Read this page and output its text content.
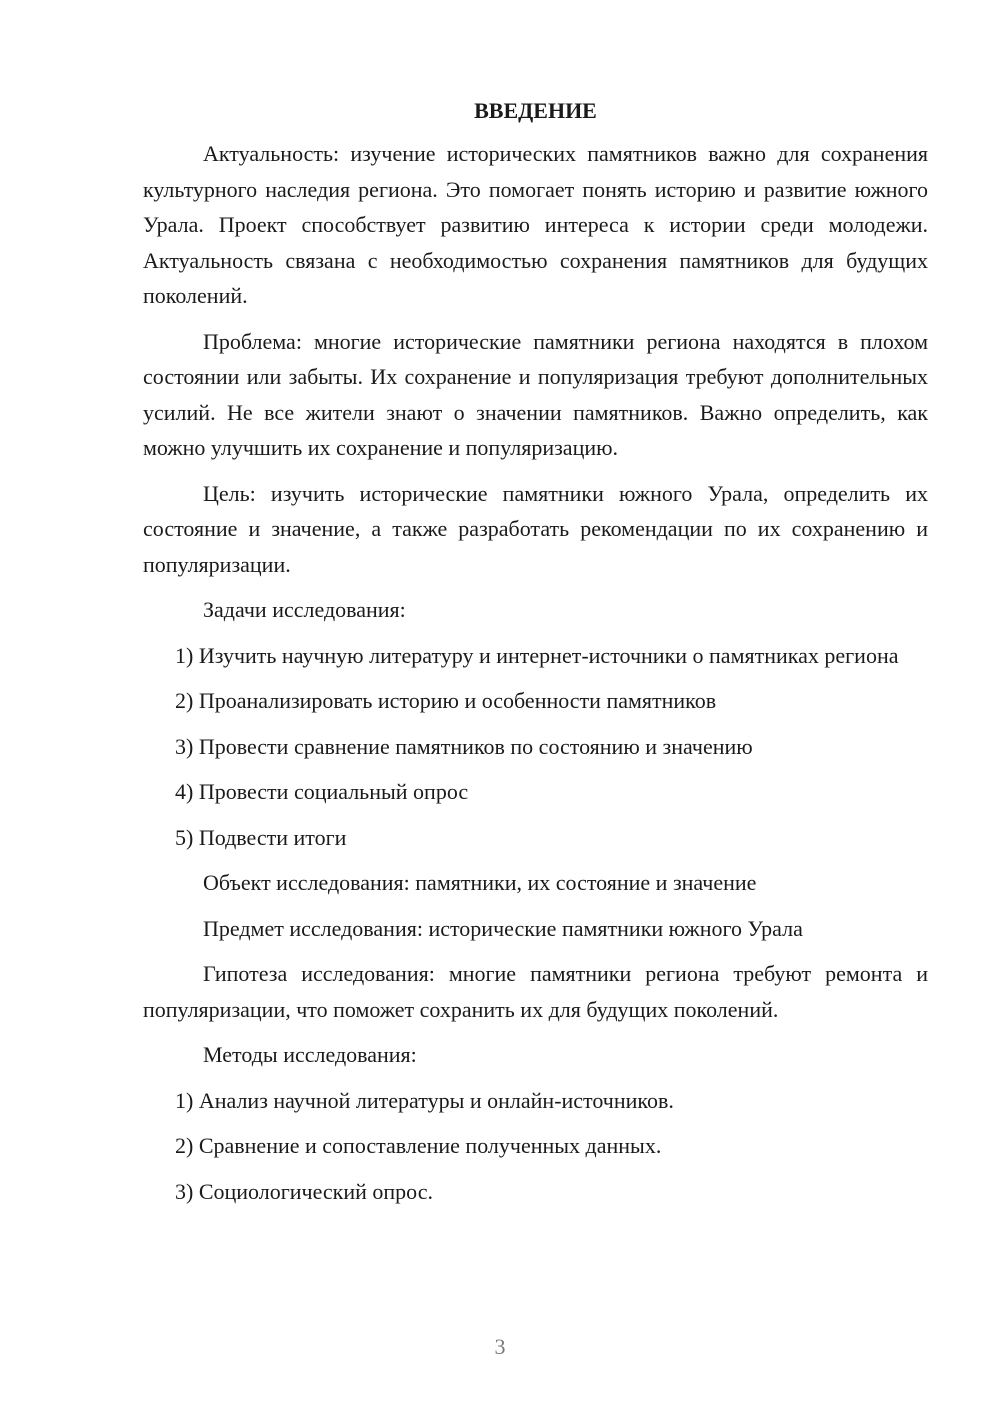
ВВЕДЕНИЕ

Актуальность: изучение исторических памятников важно для сохранения культурного наследия региона. Это помогает понять историю и развитие южного Урала. Проект способствует развитию интереса к истории среди молодежи. Актуальность связана с необходимостью сохранения памятников для будущих поколений.

Проблема: многие исторические памятники региона находятся в плохом состоянии или забыты. Их сохранение и популяризация требуют дополнительных усилий. Не все жители знают о значении памятников. Важно определить, как можно улучшить их сохранение и популяризацию.

Цель: изучить исторические памятники южного Урала, определить их состояние и значение, а также разработать рекомендации по их сохранению и популяризации.

Задачи исследования:

1) Изучить научную литературу и интернет-источники о памятниках региона

2) Проанализировать историю и особенности памятников

3) Провести сравнение памятников по состоянию и значению

4) Провести социальный опрос

5) Подвести итоги

Объект исследования: памятники, их состояние и значение

Предмет исследования: исторические памятники южного Урала

Гипотеза исследования: многие памятники региона требуют ремонта и популяризации, что поможет сохранить их для будущих поколений.

Методы исследования:

1) Анализ научной литературы и онлайн-источников.

2) Сравнение и сопоставление полученных данных.

3) Социологический опрос.

3
